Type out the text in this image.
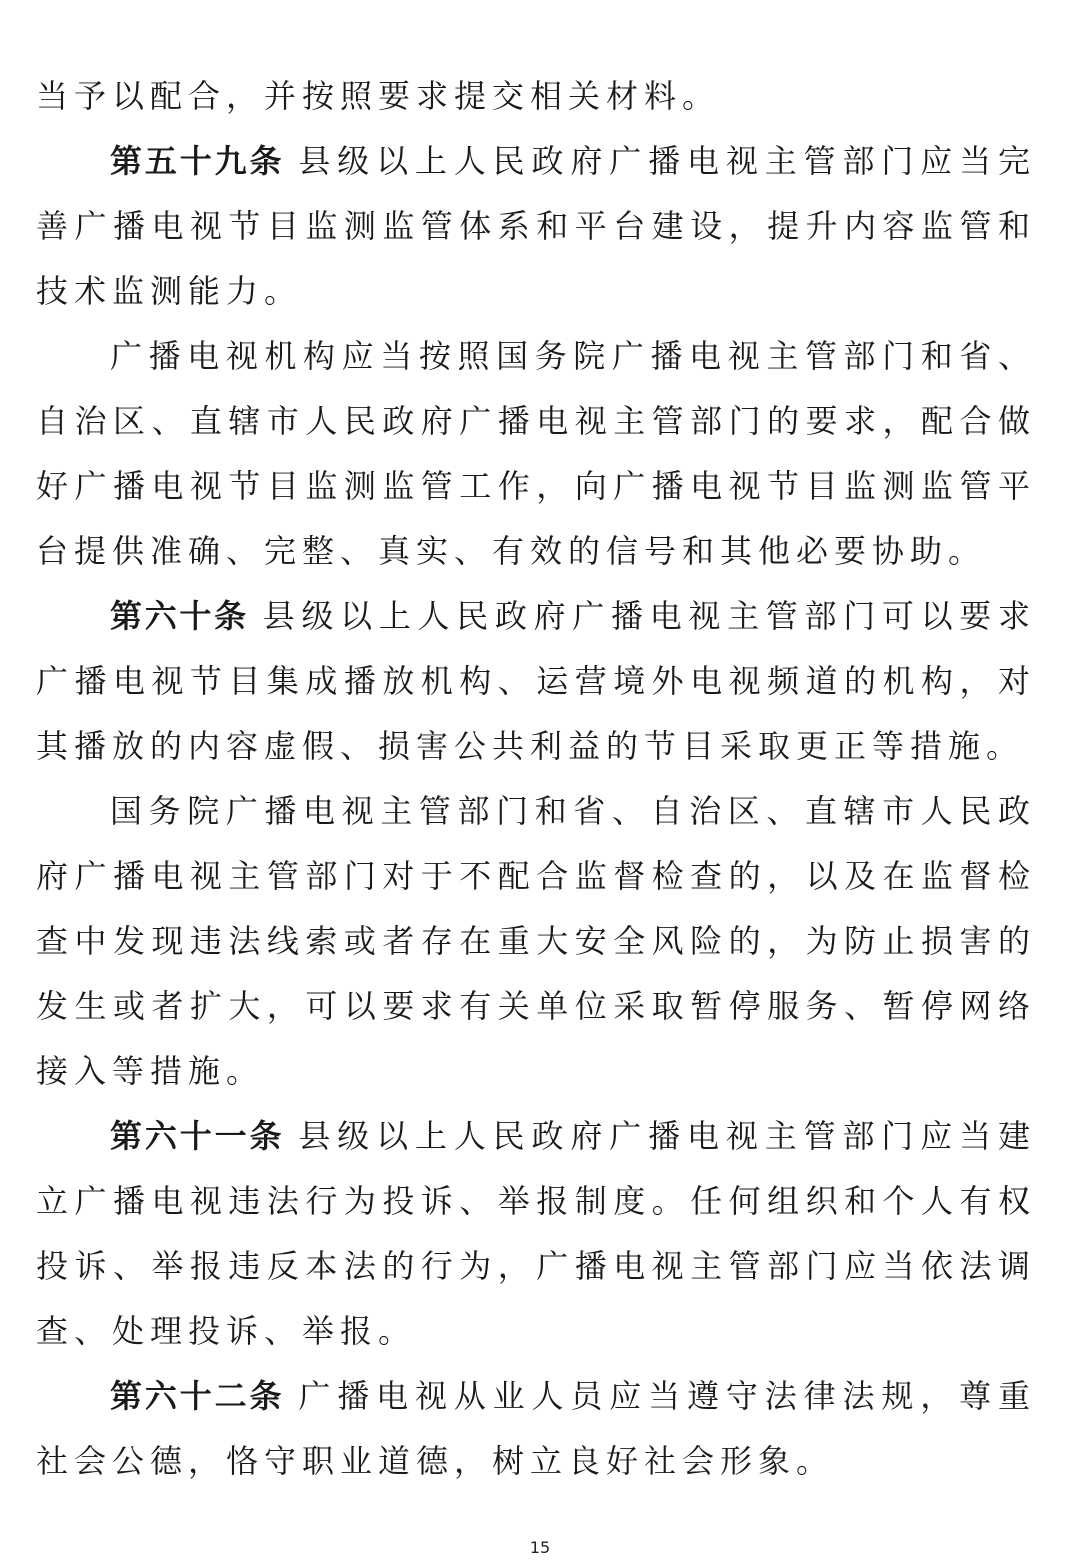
当予以配合，并按照要求提交相关材料。

第五十九条 县级以上人民政府广播电视主管部门应当完善广播电视节目监测监管体系和平台建设，提升内容监管和技术监测能力。

广播电视机构应当按照国务院广播电视主管部门和省、自治区、直辖市人民政府广播电视主管部门的要求，配合做好广播电视节目监测监管工作，向广播电视节目监测监管平台提供准确、完整、真实、有效的信号和其他必要协助。

第六十条 县级以上人民政府广播电视主管部门可以要求广播电视节目集成播放机构、运营境外电视频道的机构，对其播放的内容虚假、损害公共利益的节目采取更正等措施。

国务院广播电视主管部门和省、自治区、直辖市人民政府广播电视主管部门对于不配合监督检查的，以及在监督检查中发现违法线索或者存在重大安全风险的，为防止损害的发生或者扩大，可以要求有关单位采取暂停服务、暂停网络接入等措施。

第六十一条 县级以上人民政府广播电视主管部门应当建立广播电视违法行为投诉、举报制度。任何组织和个人有权投诉、举报违反本法的行为，广播电视主管部门应当依法调查、处理投诉、举报。

第六十二条 广播电视从业人员应当遵守法律法规，尊重社会公德，恪守职业道德，树立良好社会形象。

15
